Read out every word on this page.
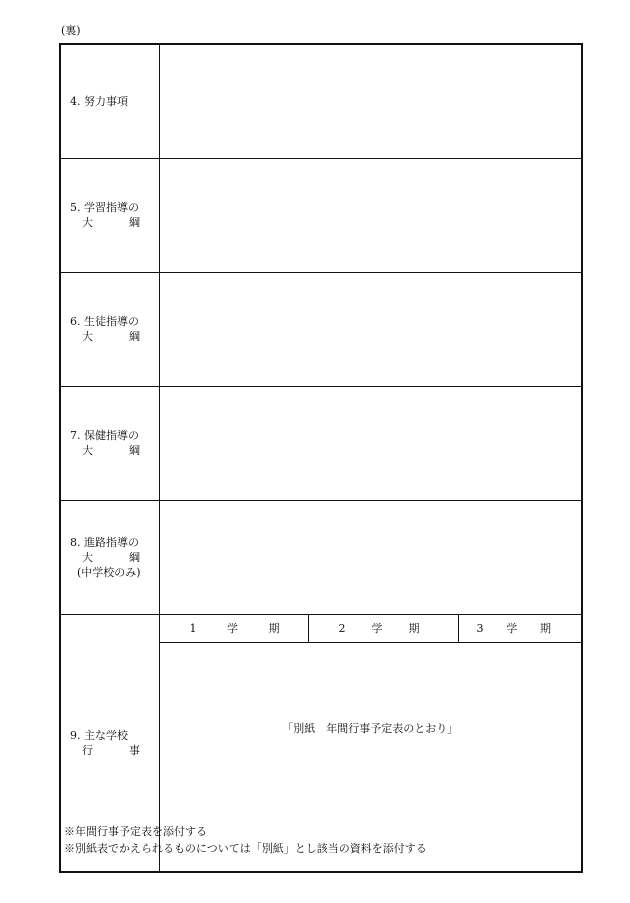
(裏)
4. 努力事項			

5. 学習指導の
大 綱			

6. 生徒指導の
大 綱			

7. 保健指導の
大 綱			

8. 進路指導の
大 綱
(中学校のみ)			

9. 主な学校
行 事	1 学 期	2 学 期	3 学 期

	「別紙　年間行事予定表のとおり」		
※年間行事予定表を添付する
※別紙表でかえられるものについては「別紙」とし該当の資料を添付する
